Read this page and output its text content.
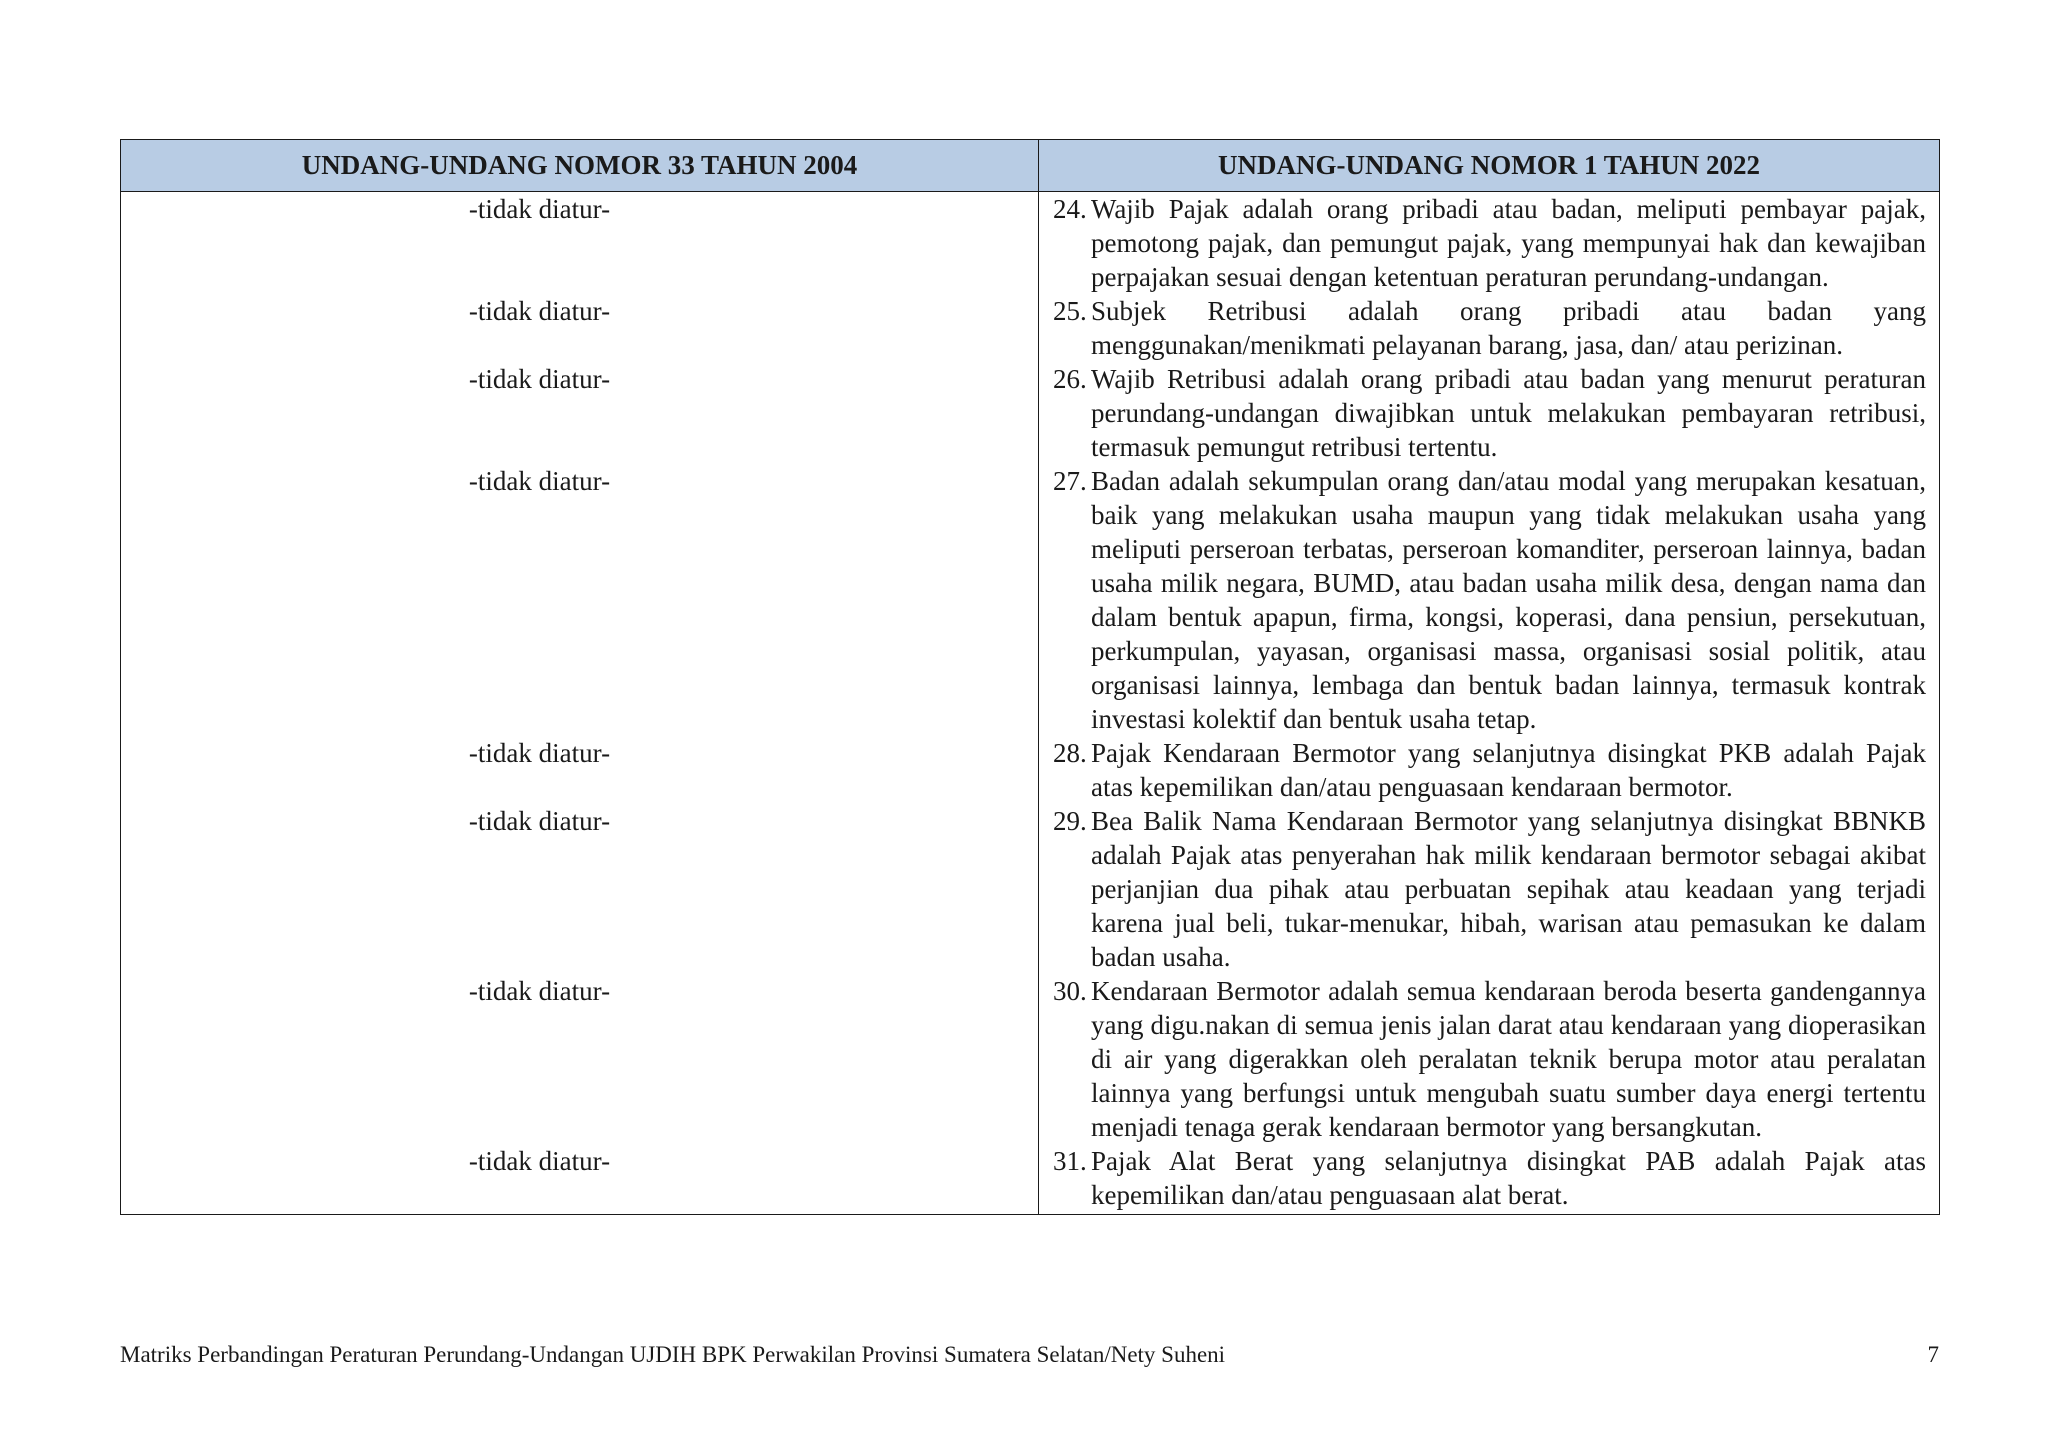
UNDANG-UNDANG NOMOR 33 TAHUN 2004	UNDANG-UNDANG NOMOR 1 TAHUN 2022
-tidak diatur-	24. Wajib Pajak adalah orang pribadi atau badan, meliputi pembayar pajak, pemotong pajak, dan pemungut pajak, yang mempunyai hak dan kewajiban perpajakan sesuai dengan ketentuan peraturan perundang-undangan.

-tidak diatur-	25. Subjek Retribusi adalah orang pribadi atau badan yang menggunakan/menikmati pelayanan barang, jasa, dan/ atau perizinan.

-tidak diatur-	26. Wajib Retribusi adalah orang pribadi atau badan yang menurut peraturan perundang-undangan diwajibkan untuk melakukan pembayaran retribusi, termasuk pemungut retribusi tertentu.

-tidak diatur-	27. Badan adalah sekumpulan orang dan/atau modal yang merupakan kesatuan, baik yang melakukan usaha maupun yang tidak melakukan usaha yang meliputi perseroan terbatas, perseroan komanditer, perseroan lainnya, badan usaha milik negara, BUMD, atau badan usaha milik desa, dengan nama dan dalam bentuk apapun, firma, kongsi, koperasi, dana pensiun, persekutuan, perkumpulan, yayasan, organisasi massa, organisasi sosial politik, atau organisasi lainnya, lembaga dan bentuk badan lainnya, termasuk kontrak investasi kolektif dan bentuk usaha tetap.

-tidak diatur-	28. Pajak Kendaraan Bermotor yang selanjutnya disingkat PKB adalah Pajak atas kepemilikan dan/atau penguasaan kendaraan bermotor.

-tidak diatur-	29. Bea Balik Nama Kendaraan Bermotor yang selanjutnya disingkat BBNKB adalah Pajak atas penyerahan hak milik kendaraan bermotor sebagai akibat perjanjian dua pihak atau perbuatan sepihak atau keadaan yang terjadi karena jual beli, tukar-menukar, hibah, warisan atau pemasukan ke dalam badan usaha.

-tidak diatur-	30. Kendaraan Bermotor adalah semua kendaraan beroda beserta gandengannya yang digu.nakan di semua jenis jalan darat atau kendaraan yang dioperasikan di air yang digerakkan oleh peralatan teknik berupa motor atau peralatan lainnya yang berfungsi untuk mengubah suatu sumber daya energi tertentu menjadi tenaga gerak kendaraan bermotor yang bersangkutan.

-tidak diatur-	31. Pajak Alat Berat yang selanjutnya disingkat PAB adalah Pajak atas kepemilikan dan/atau penguasaan alat berat.
Matriks Perbandingan Peraturan Perundang-Undangan UJDIH BPK Perwakilan Provinsi Sumatera Selatan/Nety Suheni	7
